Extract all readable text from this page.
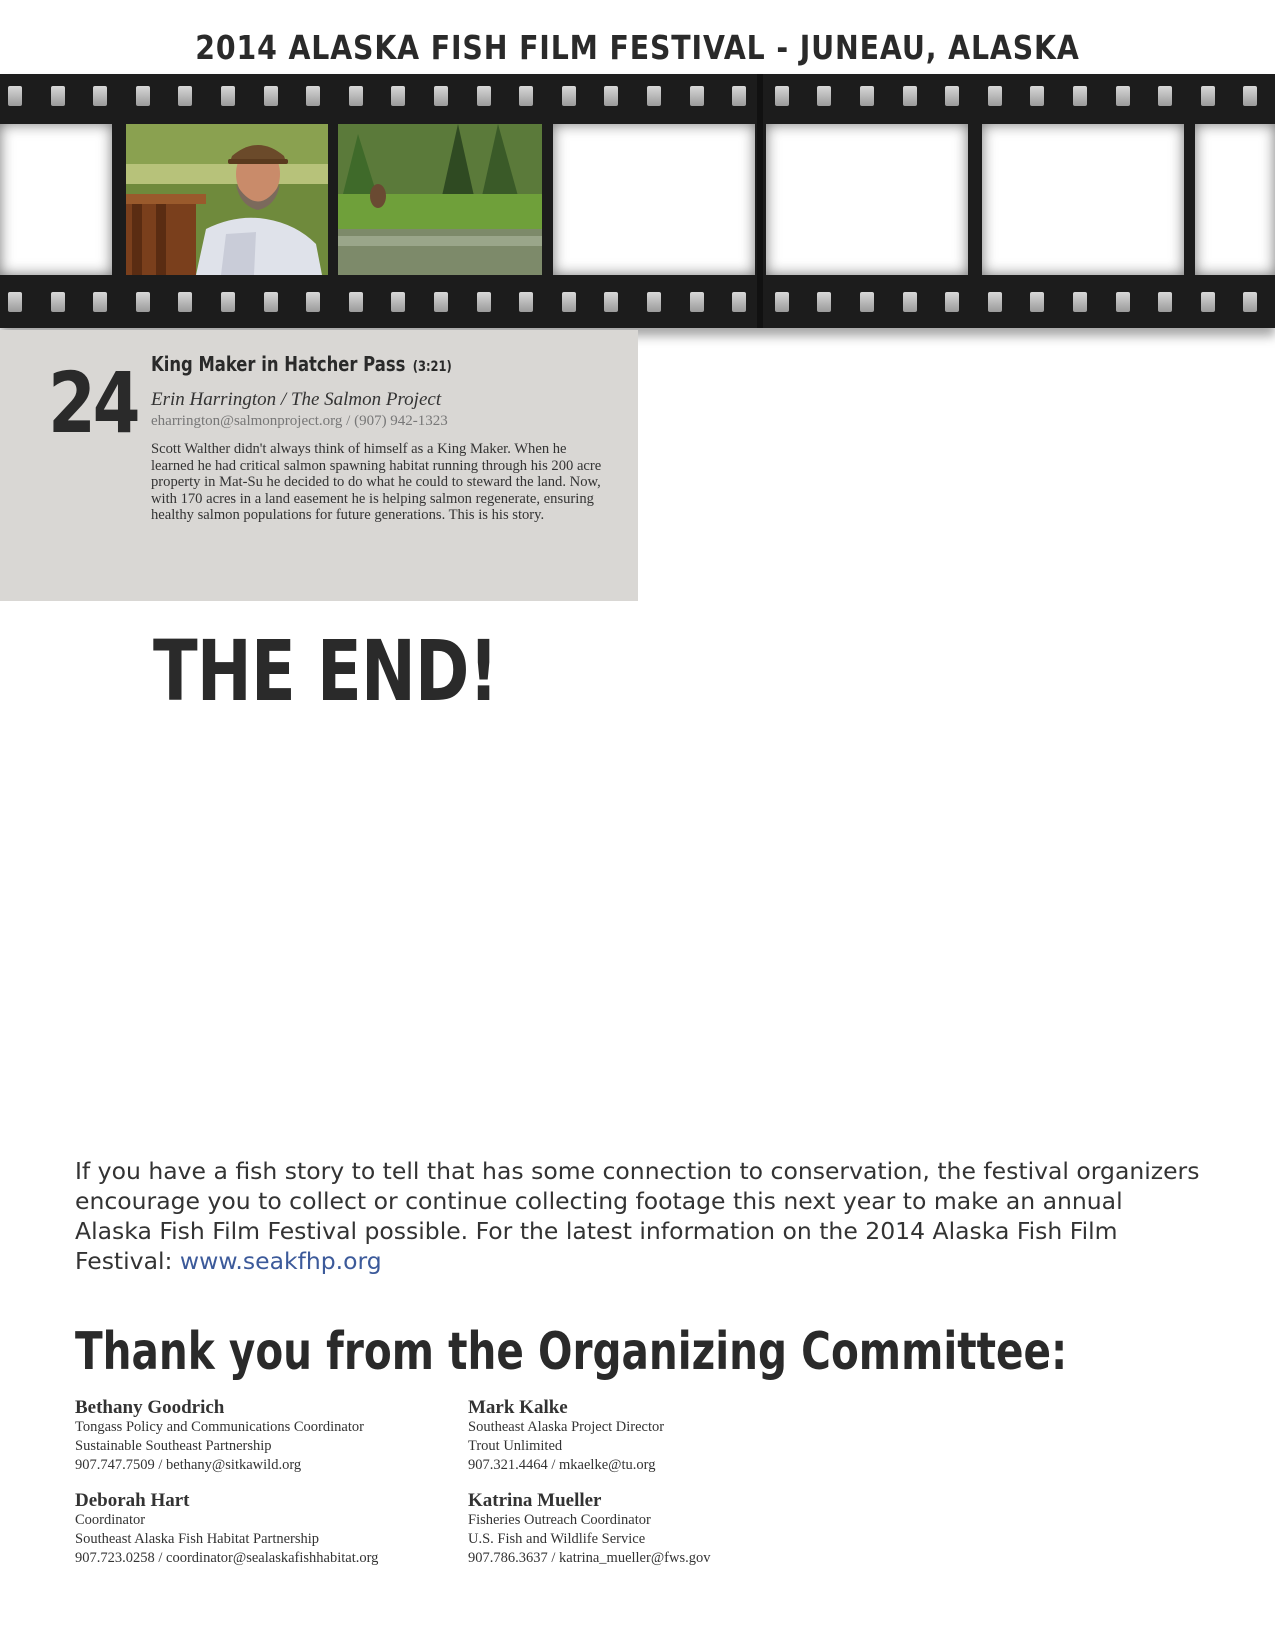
2014 ALASKA FISH FILM FESTIVAL - JUNEAU, ALASKA
24 King Maker in Hatcher Pass (3:21)
Erin Harrington / The Salmon Project
eharrington@salmonproject.org / (907) 942-1323
Scott Walther didn't always think of himself as a King Maker. When he learned he had critical salmon spawning habitat running through his 200 acre property in Mat-Su he decided to do what he could to steward the land. Now, with 170 acres in a land easement he is helping salmon regenerate, ensuring healthy salmon populations for future generations. This is his story.
THE END!
If you have a fish story to tell that has some connection to conservation, the festival organizers encourage you to collect or continue collecting footage this next year to make an annual Alaska Fish Film Festival possible. For the latest information on the 2014 Alaska Fish Film Festival: www.seakfhp.org
Thank you from the Organizing Committee:
Bethany Goodrich
Tongass Policy and Communications Coordinator
Sustainable Southeast Partnership
907.747.7509 / bethany@sitkawild.org
Mark Kalke
Southeast Alaska Project Director
Trout Unlimited
907.321.4464 / mkaelke@tu.org
Deborah Hart
Coordinator
Southeast Alaska Fish Habitat Partnership
907.723.0258 / coordinator@sealaskafishhabitat.org
Katrina Mueller
Fisheries Outreach Coordinator
U.S. Fish and Wildlife Service
907.786.3637 / katrina_mueller@fws.gov
